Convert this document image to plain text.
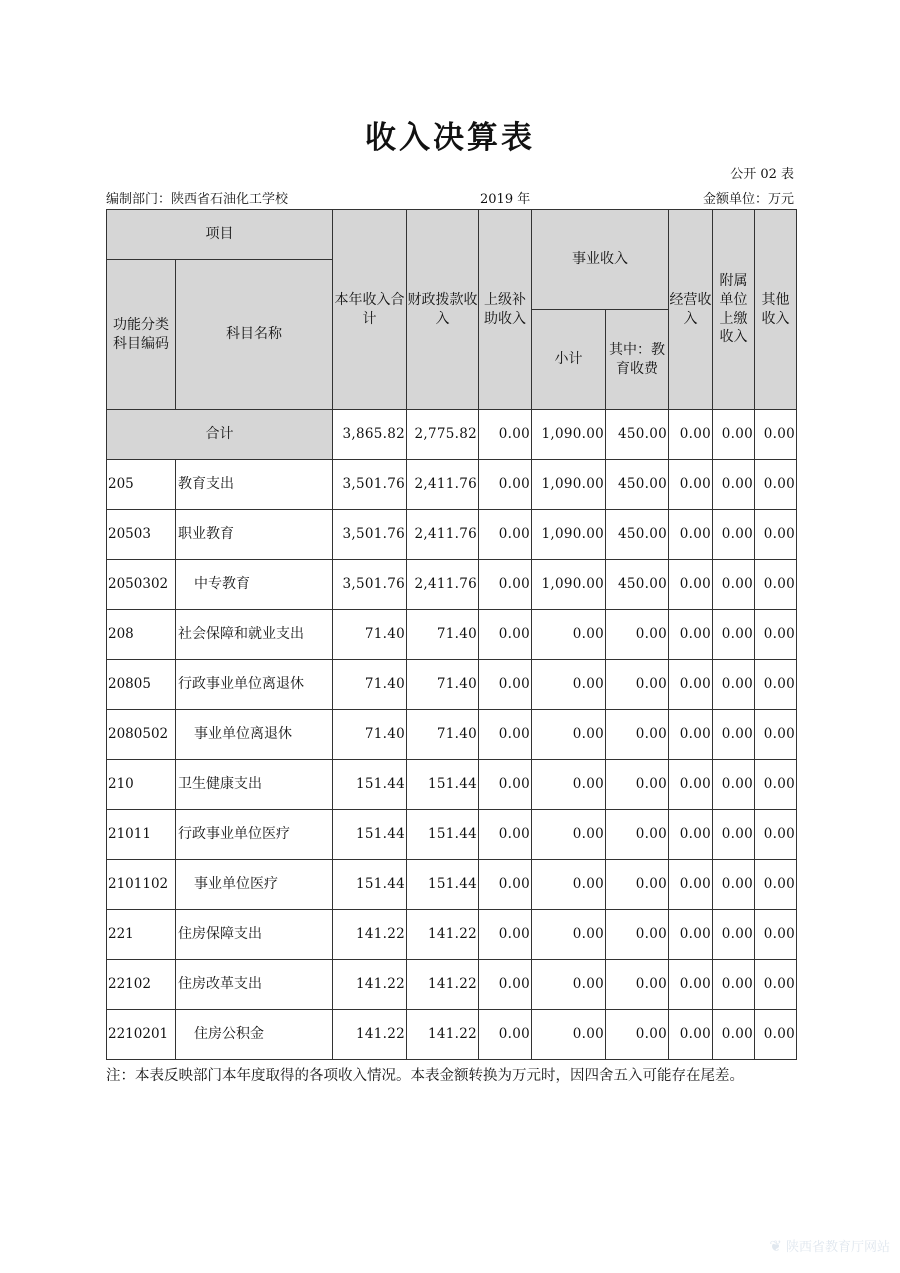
收入决算表
公开 02 表
编制部门：陕西省石油化工学校	2019 年	金额单位：万元
项目		本年收入合计	财政拨款收入	上级补助收入	事业收入		经营收入	附属单位上缴收入	其他收入
功能分类科目编码	科目名称								
					小计	其中：教育收费			

合计		3,865.82	2,775.82	0.00	1,090.00	450.00	0.00	0.00	0.00
205	教育支出	3,501.76	2,411.76	0.00	1,090.00	450.00	0.00	0.00	0.00
20503	职业教育	3,501.76	2,411.76	0.00	1,090.00	450.00	0.00	0.00	0.00
2050302	中专教育	3,501.76	2,411.76	0.00	1,090.00	450.00	0.00	0.00	0.00
208	社会保障和就业支出	71.40	71.40	0.00	0.00	0.00	0.00	0.00	0.00
20805	行政事业单位离退休	71.40	71.40	0.00	0.00	0.00	0.00	0.00	0.00
2080502	事业单位离退休	71.40	71.40	0.00	0.00	0.00	0.00	0.00	0.00
210	卫生健康支出	151.44	151.44	0.00	0.00	0.00	0.00	0.00	0.00
21011	行政事业单位医疗	151.44	151.44	0.00	0.00	0.00	0.00	0.00	0.00
2101102	事业单位医疗	151.44	151.44	0.00	0.00	0.00	0.00	0.00	0.00
221	住房保障支出	141.22	141.22	0.00	0.00	0.00	0.00	0.00	0.00
22102	住房改革支出	141.22	141.22	0.00	0.00	0.00	0.00	0.00	0.00
2210201	住房公积金	141.22	141.22	0.00	0.00	0.00	0.00	0.00	0.00
注：本表反映部门本年度取得的各项收入情况。本表金额转换为万元时，因四舍五入可能存在尾差。
❦ 陕西省教育厅网站
